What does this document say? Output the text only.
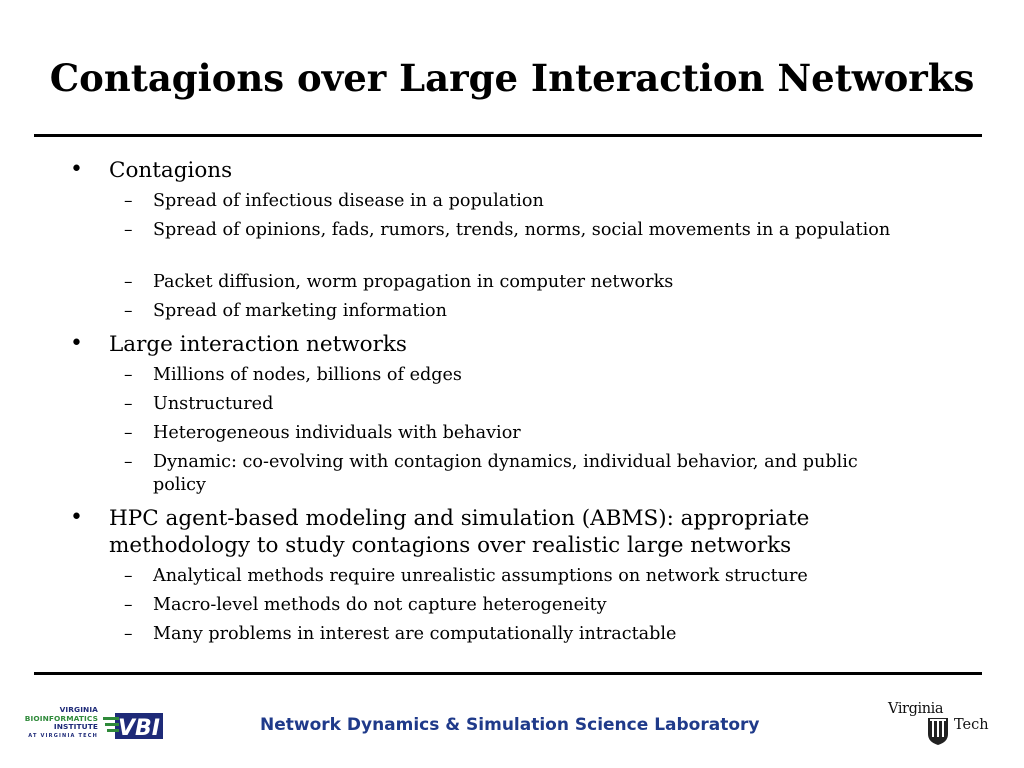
Contagions over Large Interaction Networks
•	Contagions
–	Spread of infectious disease in a population
–	Spread of opinions, fads, rumors, trends, norms, social movements in a population
–	Packet diffusion, worm propagation in computer networks
–	Spread of marketing information
•	Large interaction networks
–	Millions of nodes, billions of edges
–	Unstructured
–	Heterogeneous individuals with behavior
–	Dynamic: co-evolving with contagion dynamics, individual behavior, and public policy
•	HPC agent-based modeling and simulation (ABMS): appropriate methodology to study contagions over realistic large networks
–	Analytical methods require unrealistic assumptions on network structure
–	Macro-level methods do not capture heterogeneity
–	Many problems in interest are computationally intractable
VIRGINIA
BIOINFORMATICS
INSTITUTE
AT VIRGINIA TECH VBI	Network Dynamics & Simulation Science Laboratory
Virginia
Tech
